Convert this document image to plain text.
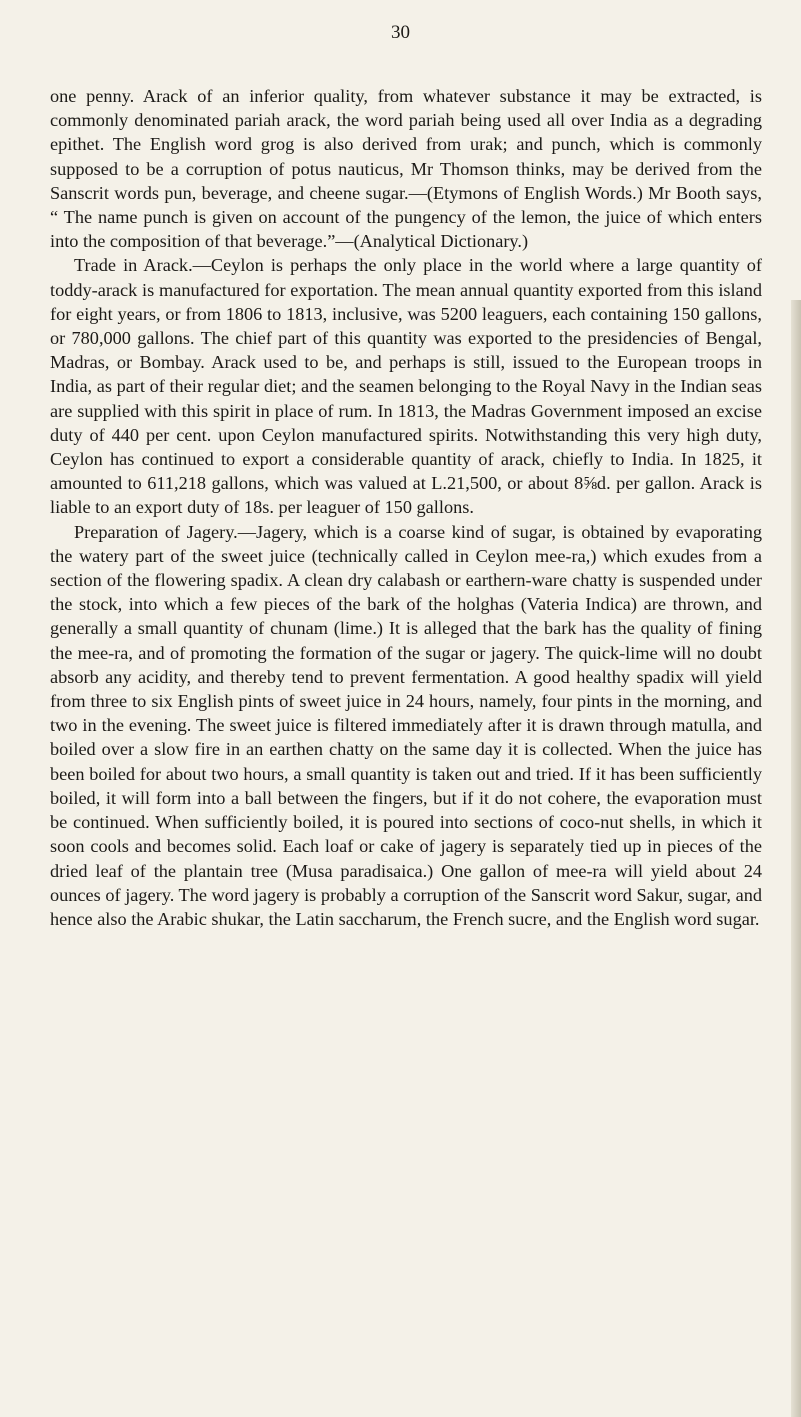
30

one penny. Arack of an inferior quality, from whatever substance it may be extracted, is commonly denominated pariah arack, the word pariah being used all over India as a degrading epithet. The English word grog is also derived from urak; and punch, which is commonly supposed to be a corruption of potus nauticus, Mr Thomson thinks, may be derived from the Sanscrit words pun, beverage, and cheene sugar.—(Etymons of English Words.) Mr Booth says, “ The name punch is given on account of the pungency of the lemon, the juice of which enters into the composition of that beverage.”—(Analytical Dictionary.)

Trade in Arack.—Ceylon is perhaps the only place in the world where a large quantity of toddy-arack is manufactured for exportation. The mean annual quantity exported from this island for eight years, or from 1806 to 1813, inclusive, was 5200 leaguers, each containing 150 gallons, or 780,000 gallons. The chief part of this quantity was exported to the presidencies of Bengal, Madras, or Bombay. Arack used to be, and perhaps is still, issued to the European troops in India, as part of their regular diet; and the seamen belonging to the Royal Navy in the Indian seas are supplied with this spirit in place of rum. In 1813, the Madras Government imposed an excise duty of 440 per cent. upon Ceylon manufactured spirits. Notwithstanding this very high duty, Ceylon has continued to export a considerable quantity of arack, chiefly to India. In 1825, it amounted to 611,218 gallons, which was valued at L.21,500, or about 8⅝d. per gallon. Arack is liable to an export duty of 18s. per leaguer of 150 gallons.

Preparation of Jagery.—Jagery, which is a coarse kind of sugar, is obtained by evaporating the watery part of the sweet juice (technically called in Ceylon mee-ra,) which exudes from a section of the flowering spadix. A clean dry calabash or earthern-ware chatty is suspended under the stock, into which a few pieces of the bark of the holghas (Vateria Indica) are thrown, and generally a small quantity of chunam (lime.) It is alleged that the bark has the quality of fining the mee-ra, and of promoting the formation of the sugar or jagery. The quick-lime will no doubt absorb any acidity, and thereby tend to prevent fermentation. A good healthy spadix will yield from three to six English pints of sweet juice in 24 hours, namely, four pints in the morning, and two in the evening. The sweet juice is filtered immediately after it is drawn through matulla, and boiled over a slow fire in an earthen chatty on the same day it is collected. When the juice has been boiled for about two hours, a small quantity is taken out and tried. If it has been sufficiently boiled, it will form into a ball between the fingers, but if it do not cohere, the evaporation must be continued. When sufficiently boiled, it is poured into sections of coco-nut shells, in which it soon cools and becomes solid. Each loaf or cake of jagery is separately tied up in pieces of the dried leaf of the plantain tree (Musa paradisaica.) One gallon of mee-ra will yield about 24 ounces of jagery. The word jagery is probably a corruption of the Sanscrit word Sakur, sugar, and hence also the Arabic shukar, the Latin saccharum, the French sucre, and the English word sugar.
